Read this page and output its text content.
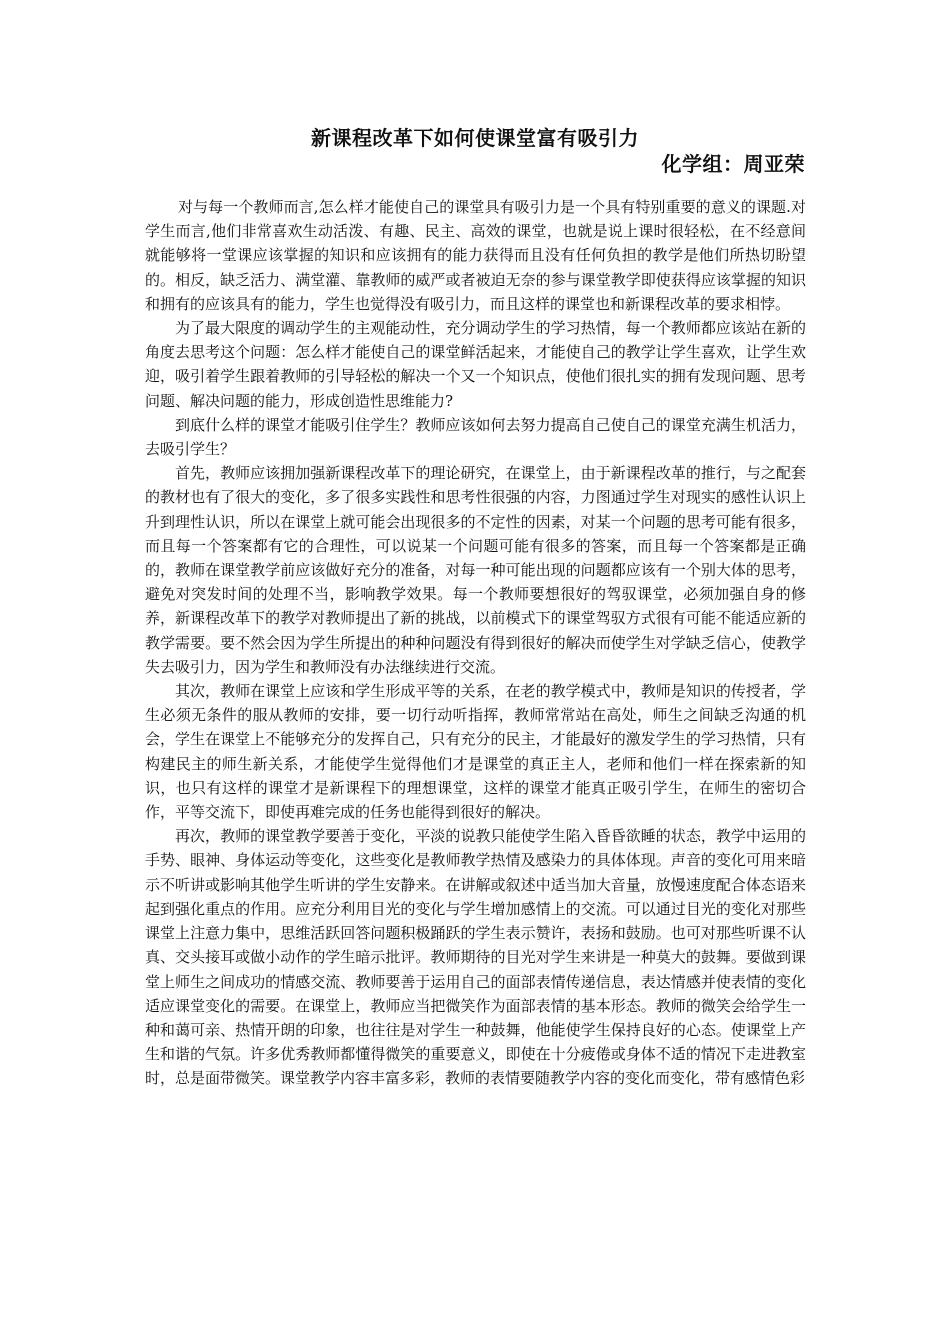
新课程改革下如何使课堂富有吸引力
化学组：周亚荣

对与每一个教师而言,怎么样才能使自己的课堂具有吸引力是一个具有特别重要的意义的课题.对学生而言,他们非常喜欢生动活泼、有趣、民主、高效的课堂，也就是说上课时很轻松，在不经意间就能够将一堂课应该掌握的知识和应该拥有的能力获得而且没有任何负担的教学是他们所热切盼望的。相反，缺乏活力、满堂灌、靠教师的威严或者被迫无奈的参与课堂教学即使获得应该掌握的知识和拥有的应该具有的能力，学生也觉得没有吸引力，而且这样的课堂也和新课程改革的要求相悖。

为了最大限度的调动学生的主观能动性，充分调动学生的学习热情，每一个教师都应该站在新的角度去思考这个问题：怎么样才能使自己的课堂鲜活起来，才能使自己的教学让学生喜欢，让学生欢迎，吸引着学生跟着教师的引导轻松的解决一个又一个知识点，使他们很扎实的拥有发现问题、思考问题、解决问题的能力，形成创造性思维能力?

到底什么样的课堂才能吸引住学生？教师应该如何去努力提高自己使自己的课堂充满生机活力，去吸引学生？

首先，教师应该拥加强新课程改革下的理论研究，在课堂上，由于新课程改革的推行，与之配套的教材也有了很大的变化，多了很多实践性和思考性很强的内容，力图通过学生对现实的感性认识上升到理性认识，所以在课堂上就可能会出现很多的不定性的因素，对某一个问题的思考可能有很多，而且每一个答案都有它的合理性，可以说某一个问题可能有很多的答案，而且每一个答案都是正确的，教师在课堂教学前应该做好充分的准备，对每一种可能出现的问题都应该有一个别大体的思考，避免对突发时间的处理不当，影响教学效果。每一个教师要想很好的驾驭课堂，必须加强自身的修养，新课程改革下的教学对教师提出了新的挑战，以前模式下的课堂驾驭方式很有可能不能适应新的教学需要。要不然会因为学生所提出的种种问题没有得到很好的解决而使学生对学缺乏信心，使教学失去吸引力，因为学生和教师没有办法继续进行交流。

其次，教师在课堂上应该和学生形成平等的关系，在老的教学模式中，教师是知识的传授者，学生必须无条件的服从教师的安排，要一切行动听指挥，教师常常站在高处，师生之间缺乏沟通的机会，学生在课堂上不能够充分的发挥自己，只有充分的民主，才能最好的激发学生的学习热情，只有构建民主的师生新关系，才能使学生觉得他们才是课堂的真正主人，老师和他们一样在探索新的知识，也只有这样的课堂才是新课程下的理想课堂，这样的课堂才能真正吸引学生，在师生的密切合作，平等交流下，即使再难完成的任务也能得到很好的解决。

再次，教师的课堂教学要善于变化，平淡的说教只能使学生陷入昏昏欲睡的状态，教学中运用的手势、眼神、身体运动等变化，这些变化是教师教学热情及感染力的具体体现。声音的变化可用来暗示不听讲或影响其他学生听讲的学生安静来。在讲解或叙述中适当加大音量，放慢速度配合体态语来起到强化重点的作用。应充分利用目光的变化与学生增加感情上的交流。可以通过目光的变化对那些课堂上注意力集中，思维活跃回答问题积极踊跃的学生表示赞许，表扬和鼓励。也可对那些听课不认真、交头接耳或做小动作的学生暗示批评。教师期待的目光对学生来讲是一种莫大的鼓舞。要做到课堂上师生之间成功的情感交流、教师要善于运用自己的面部表情传递信息，表达情感并使表情的变化适应课堂变化的需要。在课堂上，教师应当把微笑作为面部表情的基本形态。教师的微笑会给学生一种和蔼可亲、热情开朗的印象，也往往是对学生一种鼓舞，他能使学生保持良好的心态。使课堂上产生和谐的气氛。许多优秀教师都懂得微笑的重要意义，即使在十分疲倦或身体不适的情况下走进教室时，总是面带微笑。课堂教学内容丰富多彩，教师的表情要随教学内容的变化而变化，带有感情色彩
